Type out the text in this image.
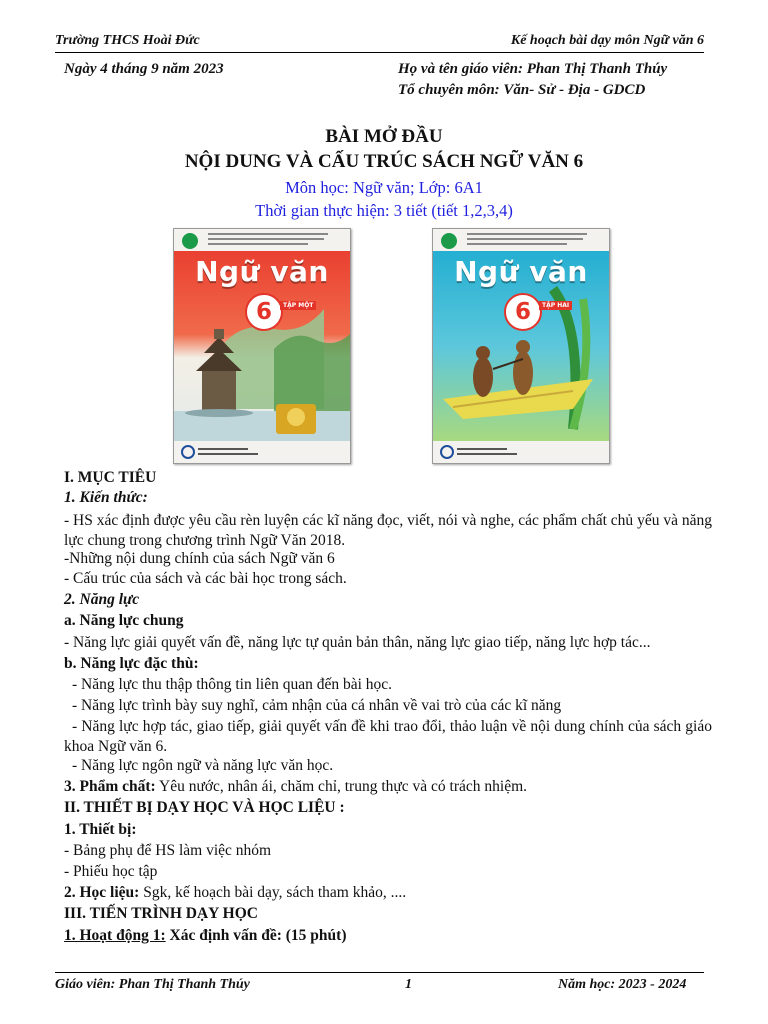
Trường THCS Hoài Đức	Kế hoạch bài dạy môn Ngữ văn 6
Ngày 4 tháng 9 năm 2023	Họ và tên giáo viên: Phan Thị Thanh Thúy
Tổ chuyên môn: Văn- Sử - Địa - GDCD
BÀI MỞ ĐẦU
NỘI DUNG VÀ CẤU TRÚC SÁCH NGỮ VĂN 6
Môn học: Ngữ văn; Lớp: 6A1
Thời gian thực hiện: 3 tiết (tiết 1,2,3,4)
Ngữ văn
6	TẬP MỘT
Ngữ văn
6	TẬP HAI
I. MỤC TIÊU
1. Kiến thức:
- HS xác định được yêu cầu rèn luyện các kĩ năng đọc, viết, nói và nghe, các phẩm chất chủ yếu và năng lực chung trong chương trình Ngữ Văn 2018.
-Những nội dung chính của sách Ngữ văn 6
- Cấu trúc của sách và các bài học trong sách.
2. Năng lực
a. Năng lực chung
- Năng lực giải quyết vấn đề, năng lực tự quản bản thân, năng lực giao tiếp, năng lực hợp tác...
b. Năng lực đặc thù:
- Năng lực thu thập thông tin liên quan đến bài học.
- Năng lực trình bày suy nghĩ, cảm nhận của cá nhân về vai trò của các kĩ năng
- Năng lực hợp tác, giao tiếp, giải quyết vấn đề khi trao đổi, thảo luận về nội dung chính của sách giáo khoa Ngữ văn 6.
- Năng lực ngôn ngữ và năng lực văn học.
3. Phẩm chất: Yêu nước, nhân ái, chăm chỉ, trung thực và có trách nhiệm.
II. THIẾT BỊ DẠY HỌC VÀ HỌC LIỆU :
1. Thiết bị:
- Bảng phụ để HS làm việc nhóm
- Phiếu học tập
2. Học liệu: Sgk, kế hoạch bài dạy, sách tham khảo, ....
III. TIẾN TRÌNH DẠY HỌC
1. Hoạt động 1: Xác định vấn đề: (15 phút)
Giáo viên: Phan Thị Thanh Thúy	1	Năm học: 2023 - 2024
